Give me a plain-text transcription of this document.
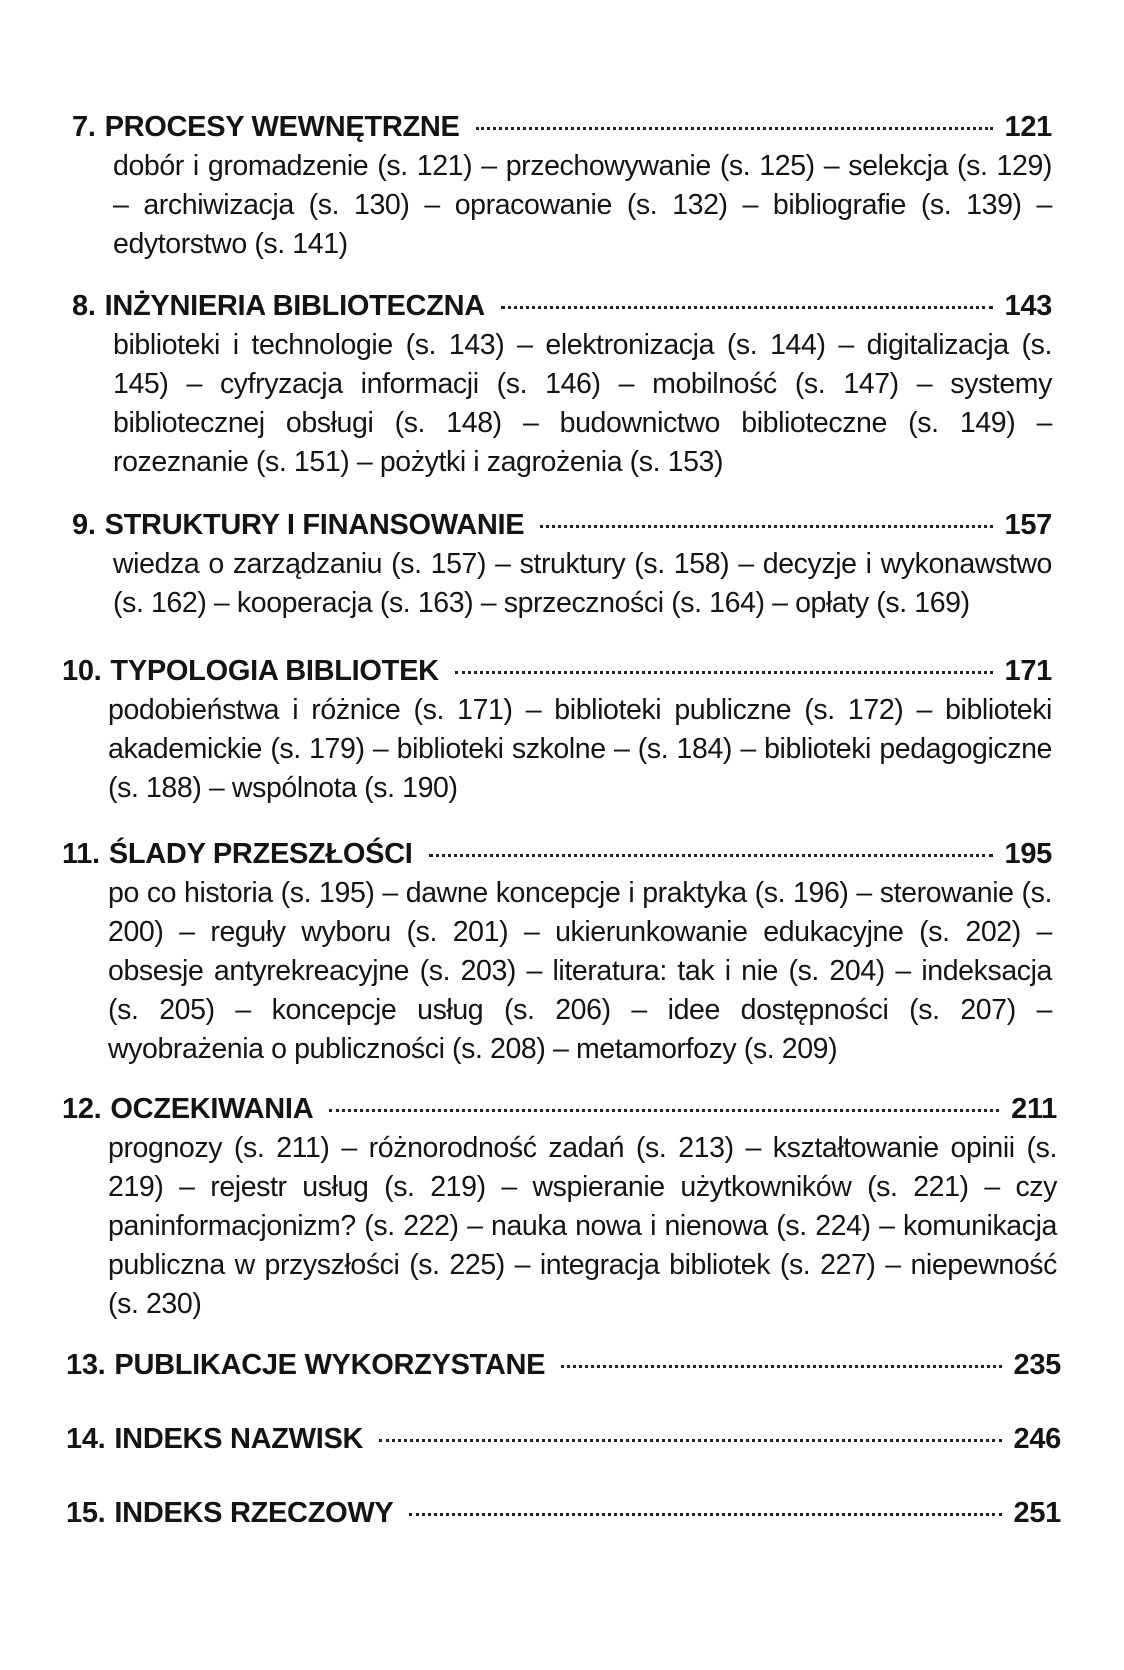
7. PROCESY WEWNĘTRZNE	121
dobór i gromadzenie (s. 121) – przechowywanie (s. 125) – selekcja (s. 129) – archiwizacja (s. 130) – opracowanie (s. 132) – bibliografie (s. 139) – edytorstwo (s. 141)
8. INŻYNIERIA BIBLIOTECZNA	143
biblioteki i technologie (s. 143) – elektronizacja (s. 144) – digitalizacja (s. 145) – cyfryzacja informacji (s. 146) – mobilność (s. 147) – systemy bibliotecznej obsługi (s. 148) – budownictwo biblioteczne (s. 149) – rozeznanie (s. 151) – pożytki i zagrożenia (s. 153)
9. STRUKTURY I FINANSOWANIE	157
wiedza o zarządzaniu (s. 157) – struktury (s. 158) – decyzje i wykonawstwo (s. 162) – kooperacja (s. 163) – sprzeczności (s. 164) – opłaty (s. 169)
10. TYPOLOGIA BIBLIOTEK	171
podobieństwa i różnice (s. 171) – biblioteki publiczne (s. 172) – biblioteki akademickie (s. 179) – biblioteki szkolne – (s. 184) – biblioteki pedagogiczne (s. 188) – wspólnota (s. 190)
11. ŚLADY PRZESZŁOŚCI	195
po co historia (s. 195) – dawne koncepcje i praktyka (s. 196) – sterowanie (s. 200) – reguły wyboru (s. 201) – ukierunkowanie edukacyjne (s. 202) – obsesje antyrekreacyjne (s. 203) – literatura: tak i nie (s. 204) – indeksacja (s. 205) – koncepcje usług (s. 206) – idee dostępności (s. 207) – wyobrażenia o publiczności (s. 208) – metamorfozy (s. 209)
12. OCZEKIWANIA	211
prognozy (s. 211) – różnorodność zadań (s. 213) – kształtowanie opinii (s. 219) – rejestr usług (s. 219) – wspieranie użytkowników (s. 221) – czy paninformacjonizm? (s. 222) – nauka nowa i nienowa (s. 224) – komunikacja publiczna w przyszłości (s. 225) – integracja bibliotek (s. 227) – niepewność (s. 230)
13. PUBLIKACJE WYKORZYSTANE	235
14. INDEKS NAZWISK	246
15. INDEKS RZECZOWY	251
